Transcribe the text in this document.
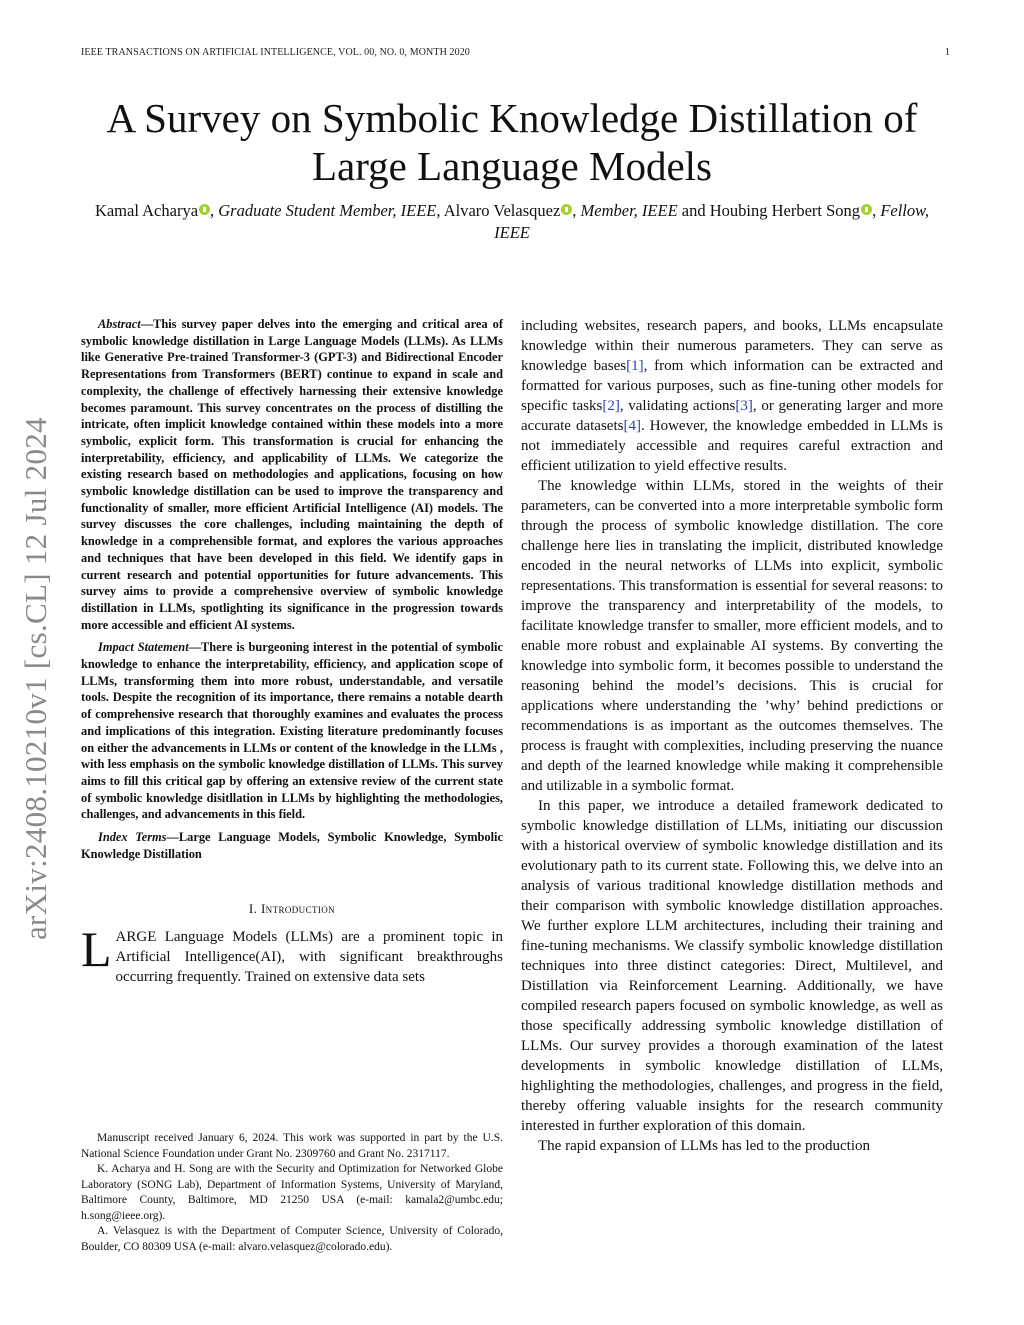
IEEE TRANSACTIONS ON ARTIFICIAL INTELLIGENCE, VOL. 00, NO. 0, MONTH 2020	1
arXiv:2408.10210v1 [cs.CL] 12 Jul 2024
A Survey on Symbolic Knowledge Distillation of Large Language Models
Kamal Acharya , Graduate Student Member, IEEE, Alvaro Velasquez , Member, IEEE and Houbing Herbert Song , Fellow, IEEE

Abstract—This survey paper delves into the emerging and critical area of symbolic knowledge distillation in Large Language Models (LLMs). As LLMs like Generative Pre-trained Transformer-3 (GPT-3) and Bidirectional Encoder Representations from Transformers (BERT) continue to expand in scale and complexity, the challenge of effectively harnessing their extensive knowledge becomes paramount. This survey concentrates on the process of distilling the intricate, often implicit knowledge contained within these models into a more symbolic, explicit form. This transformation is crucial for enhancing the interpretability, efficiency, and applicability of LLMs. We categorize the existing research based on methodologies and applications, focusing on how symbolic knowledge distillation can be used to improve the transparency and functionality of smaller, more efficient Artificial Intelligence (AI) models. The survey discusses the core challenges, including maintaining the depth of knowledge in a comprehensible format, and explores the various approaches and techniques that have been developed in this field. We identify gaps in current research and potential opportunities for future advancements. This survey aims to provide a comprehensive overview of symbolic knowledge distillation in LLMs, spotlighting its significance in the progression towards more accessible and efficient AI systems.

Impact Statement—There is burgeoning interest in the potential of symbolic knowledge to enhance the interpretability, efficiency, and application scope of LLMs, transforming them into more robust, understandable, and versatile tools. Despite the recognition of its importance, there remains a notable dearth of comprehensive research that thoroughly examines and evaluates the process and implications of this integration. Existing literature predominantly focuses on either the advancements in LLMs or content of the knowledge in the LLMs , with less emphasis on the symbolic knowledge distillation of LLMs. This survey aims to fill this critical gap by offering an extensive review of the current state of symbolic knowledge disitllation in LLMs by highlighting the methodologies, challenges, and advancements in this field.

Index Terms—Large Language Models, Symbolic Knowledge, Symbolic Knowledge Distillation

I. Introduction

LARGE Language Models (LLMs) are a prominent topic in Artificial Intelligence(AI), with significant breakthroughs occurring frequently. Trained on extensive data sets

Manuscript received January 6, 2024. This work was supported in part by the U.S. National Science Foundation under Grant No. 2309760 and Grant No. 2317117.

K. Acharya and H. Song are with the Security and Optimization for Networked Globe Laboratory (SONG Lab), Department of Information Systems, University of Maryland, Baltimore County, Baltimore, MD 21250 USA (e-mail: kamala2@umbc.edu; h.song@ieee.org).

A. Velasquez is with the Department of Computer Science, University of Colorado, Boulder, CO 80309 USA (e-mail: alvaro.velasquez@colorado.edu).

including websites, research papers, and books, LLMs encapsulate knowledge within their numerous parameters. They can serve as knowledge bases[1], from which information can be extracted and formatted for various purposes, such as fine-tuning other models for specific tasks[2], validating actions[3], or generating larger and more accurate datasets[4]. However, the knowledge embedded in LLMs is not immediately accessible and requires careful extraction and efficient utilization to yield effective results.

The knowledge within LLMs, stored in the weights of their parameters, can be converted into a more interpretable symbolic form through the process of symbolic knowledge distillation. The core challenge here lies in translating the implicit, distributed knowledge encoded in the neural networks of LLMs into explicit, symbolic representations. This transformation is essential for several reasons: to improve the transparency and interpretability of the models, to facilitate knowledge transfer to smaller, more efficient models, and to enable more robust and explainable AI systems. By converting the knowledge into symbolic form, it becomes possible to understand the reasoning behind the model’s decisions. This is crucial for applications where understanding the ’why’ behind predictions or recommendations is as important as the outcomes themselves. The process is fraught with complexities, including preserving the nuance and depth of the learned knowledge while making it comprehensible and utilizable in a symbolic format.

In this paper, we introduce a detailed framework dedicated to symbolic knowledge distillation of LLMs, initiating our discussion with a historical overview of symbolic knowledge distillation and its evolutionary path to its current state. Following this, we delve into an analysis of various traditional knowledge distillation methods and their comparison with symbolic knowledge distillation approaches. We further explore LLM architectures, including their training and fine-tuning mechanisms. We classify symbolic knowledge distillation techniques into three distinct categories: Direct, Multilevel, and Distillation via Reinforcement Learning. Additionally, we have compiled research papers focused on symbolic knowledge, as well as those specifically addressing symbolic knowledge distillation of LLMs. Our survey provides a thorough examination of the latest developments in symbolic knowledge distillation of LLMs, highlighting the methodologies, challenges, and progress in the field, thereby offering valuable insights for the research community interested in further exploration of this domain.

The rapid expansion of LLMs has led to the production
